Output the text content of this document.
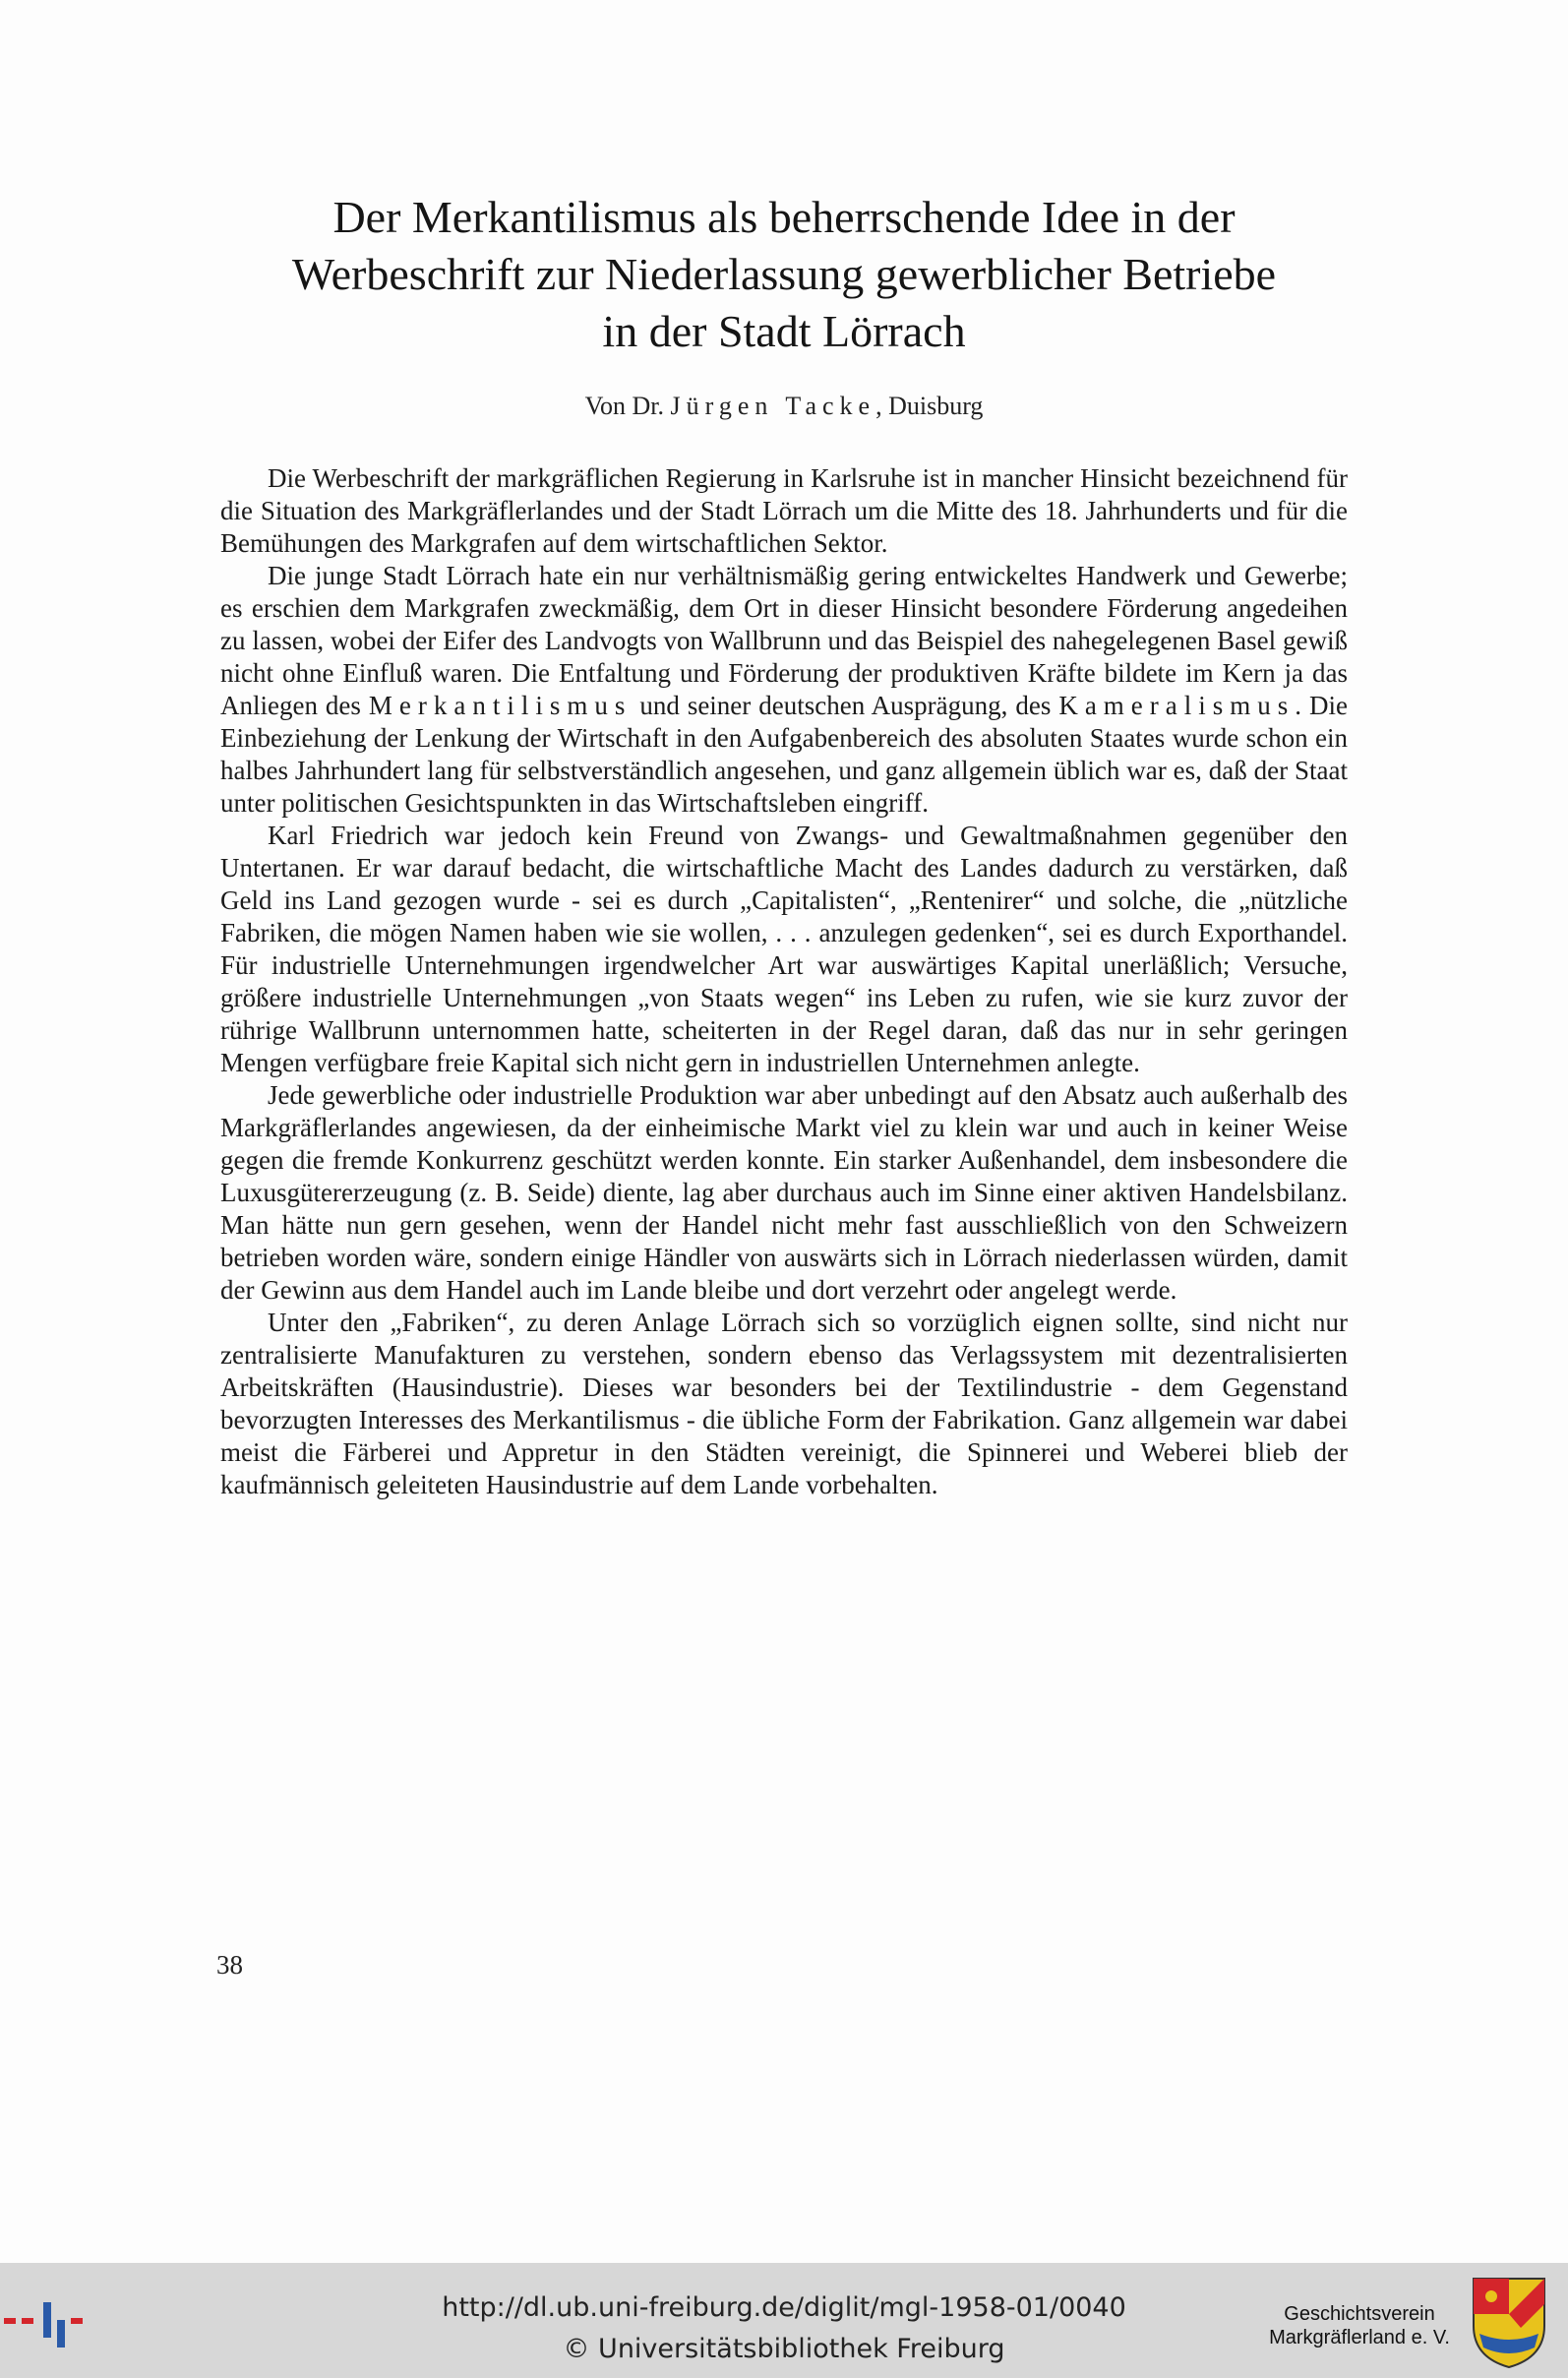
Der Merkantilismus als beherrschende Idee in der
Werbeschrift zur Niederlassung gewerblicher Betriebe
in der Stadt Lörrach
Von Dr. Jürgen Tacke, Duisburg

Die Werbeschrift der markgräflichen Regierung in Karlsruhe ist in mancher Hinsicht bezeichnend für die Situation des Markgräflerlandes und der Stadt Lörrach um die Mitte des 18. Jahrhunderts und für die Bemühungen des Markgrafen auf dem wirtschaftlichen Sektor.

Die junge Stadt Lörrach hate ein nur verhältnismäßig gering entwickeltes Handwerk und Gewerbe; es erschien dem Markgrafen zweckmäßig, dem Ort in dieser Hinsicht besondere Förderung angedeihen zu lassen, wobei der Eifer des Landvogts von Wallbrunn und das Beispiel des nahegelegenen Basel gewiß nicht ohne Einfluß waren. Die Entfaltung und Förderung der produktiven Kräfte bildete im Kern ja das Anliegen des Merkantilismus und seiner deutschen Ausprägung, des Kameralismus. Die Einbeziehung der Lenkung der Wirtschaft in den Aufgabenbereich des absoluten Staates wurde schon ein halbes Jahrhundert lang für selbstverständlich angesehen, und ganz allgemein üblich war es, daß der Staat unter politischen Gesichtspunkten in das Wirtschaftsleben eingriff.

Karl Friedrich war jedoch kein Freund von Zwangs- und Gewaltmaßnahmen gegenüber den Untertanen. Er war darauf bedacht, die wirtschaftliche Macht des Landes dadurch zu verstärken, daß Geld ins Land gezogen wurde - sei es durch „Capitalisten“, „Rentenirer“ und solche, die „nützliche Fabriken, die mögen Namen haben wie sie wollen, . . . anzulegen gedenken“, sei es durch Exporthandel. Für industrielle Unternehmungen irgendwelcher Art war auswärtiges Kapital unerläßlich; Versuche, größere industrielle Unternehmungen „von Staats wegen“ ins Leben zu rufen, wie sie kurz zuvor der rührige Wallbrunn unternommen hatte, scheiterten in der Regel daran, daß das nur in sehr geringen Mengen verfügbare freie Kapital sich nicht gern in industriellen Unternehmen anlegte.

Jede gewerbliche oder industrielle Produktion war aber unbedingt auf den Absatz auch außerhalb des Markgräflerlandes angewiesen, da der einheimische Markt viel zu klein war und auch in keiner Weise gegen die fremde Konkurrenz geschützt werden konnte. Ein starker Außenhandel, dem insbesondere die Luxusgütererzeugung (z. B. Seide) diente, lag aber durchaus auch im Sinne einer aktiven Handelsbilanz. Man hätte nun gern gesehen, wenn der Handel nicht mehr fast ausschließlich von den Schweizern betrieben worden wäre, sondern einige Händler von auswärts sich in Lörrach niederlassen würden, damit der Gewinn aus dem Handel auch im Lande bleibe und dort verzehrt oder angelegt werde.

Unter den „Fabriken“, zu deren Anlage Lörrach sich so vorzüglich eignen sollte, sind nicht nur zentralisierte Manufakturen zu verstehen, sondern ebenso das Verlagssystem mit dezentralisierten Arbeitskräften (Hausindustrie). Dieses war besonders bei der Textilindustrie - dem Gegenstand bevorzugten Interesses des Merkantilismus - die übliche Form der Fabrikation. Ganz allgemein war dabei meist die Färberei und Appretur in den Städten vereinigt, die Spinnerei und Weberei blieb der kaufmännisch geleiteten Hausindustrie auf dem Lande vorbehalten.

38
http://dl.ub.uni-freiburg.de/diglit/mgl-1958-01/0040
© Universitätsbibliothek Freiburg
Geschichtsverein
Markgräflerland e. V.
